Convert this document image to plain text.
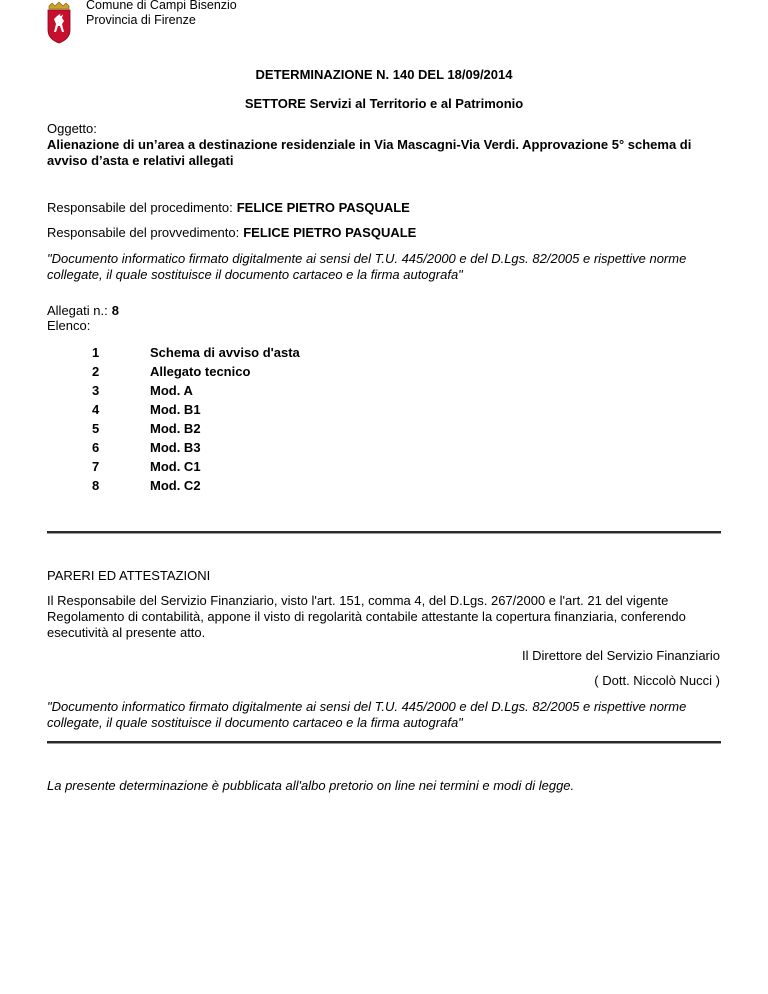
Comune di Campi Bisenzio
Provincia di Firenze
DETERMINAZIONE N. 140 DEL 18/09/2014
SETTORE Servizi al Territorio e al Patrimonio
Oggetto:
Alienazione di un’area a destinazione residenziale in Via Mascagni-Via Verdi. Approvazione 5° schema di avviso d’asta e relativi allegati
Responsabile del procedimento: FELICE PIETRO PASQUALE
Responsabile del provvedimento: FELICE PIETRO PASQUALE
"Documento informatico firmato digitalmente ai sensi del T.U. 445/2000 e del D.Lgs. 82/2005 e rispettive norme collegate, il quale sostituisce il documento cartaceo e la firma autografa"
Allegati n.: 8
Elenco:
1	Schema di avviso d'asta
2	Allegato tecnico
3	Mod. A
4	Mod. B1
5	Mod. B2
6	Mod. B3
7	Mod. C1
8	Mod. C2
PARERI ED ATTESTAZIONI
Il Responsabile del Servizio Finanziario, visto l'art. 151, comma 4, del D.Lgs. 267/2000 e l'art. 21 del vigente Regolamento di contabilità, appone il visto di regolarità contabile attestante la copertura finanziaria, conferendo esecutività al presente atto.
Il Direttore del Servizio Finanziario
( Dott. Niccolò Nucci )
"Documento informatico firmato digitalmente ai sensi del T.U. 445/2000 e del D.Lgs. 82/2005 e rispettive norme collegate, il quale sostituisce il documento cartaceo e la firma autografa"
La presente determinazione è pubblicata all'albo pretorio on line nei termini e modi di legge.
